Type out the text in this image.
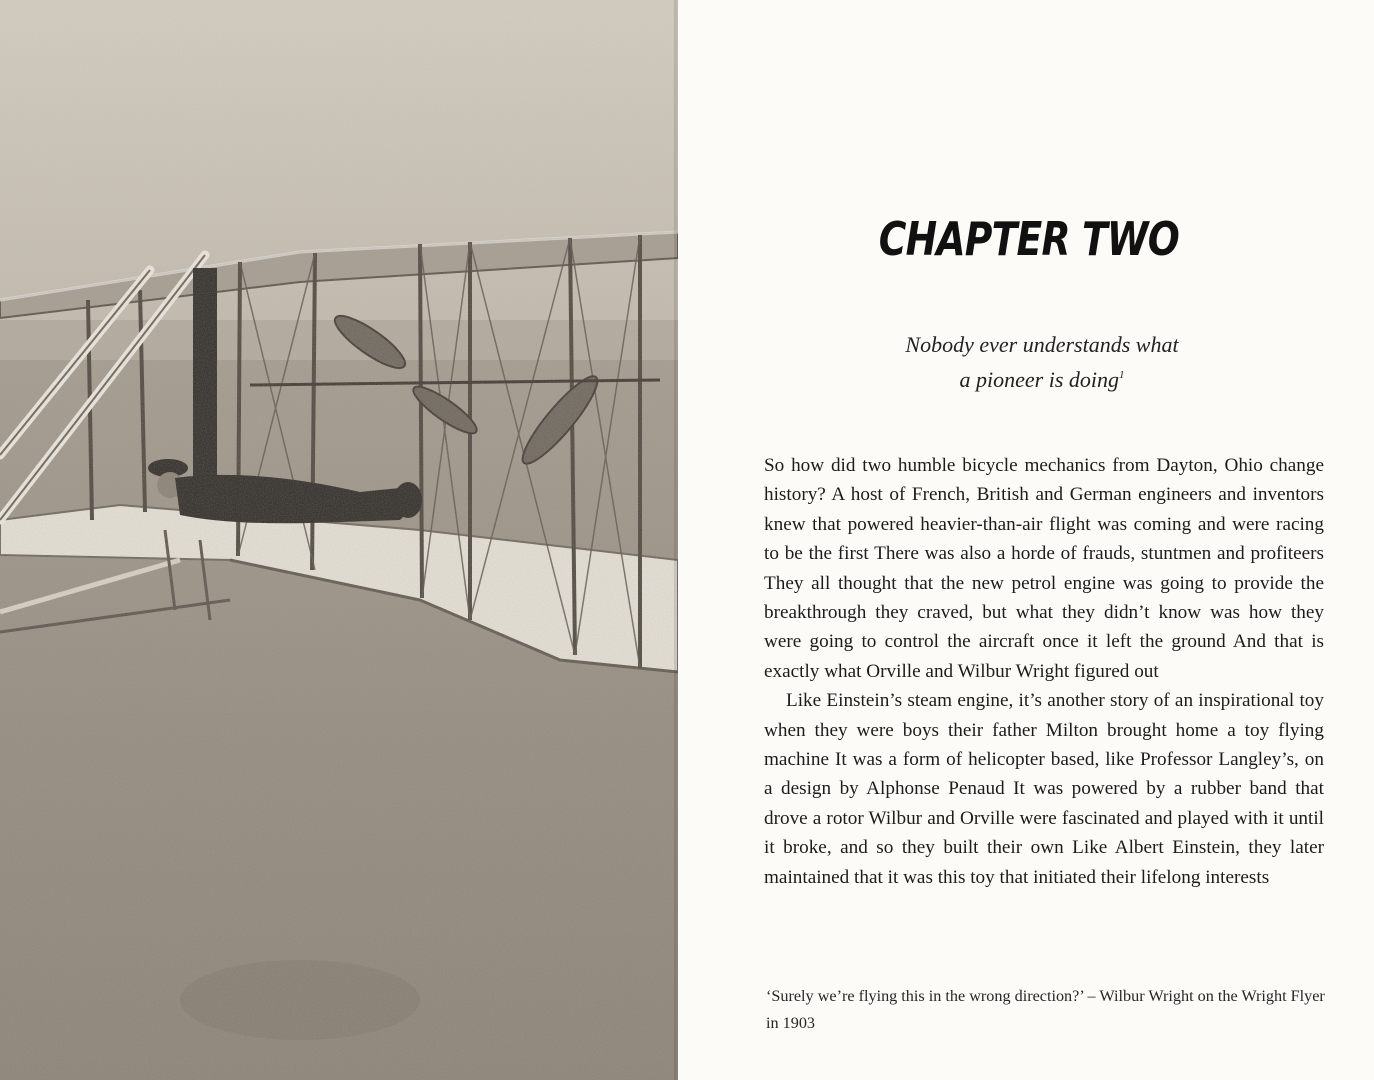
CHAPTER TWO
Nobody ever understands what
a pioneer is doing$^1$

So how did two humble bicycle mechanics from Dayton, Ohio change history? A host of French, British and German engineers and inventors knew that powered heavier-than-air flight was coming and were racing to be the first There was also a horde of frauds, stuntmen and profiteers They all thought that the new petrol engine was going to provide the breakthrough they craved, but what they didn’t know was how they were going to control the aircraft once it left the ground And that is exactly what Orville and Wilbur Wright figured out

Like Einstein’s steam engine, it’s another story of an inspirational toy when they were boys their father Milton brought home a toy flying machine It was a form of helicopter based, like Professor Langley’s, on a design by Alphonse Penaud It was powered by a rubber band that drove a rotor Wilbur and Orville were fascinated and played with it until it broke, and so they built their own Like Albert Einstein, they later maintained that it was this toy that initiated their lifelong interests

‘Surely we’re flying this in the wrong direction?’ – Wilbur Wright on the Wright Flyer in 1903
